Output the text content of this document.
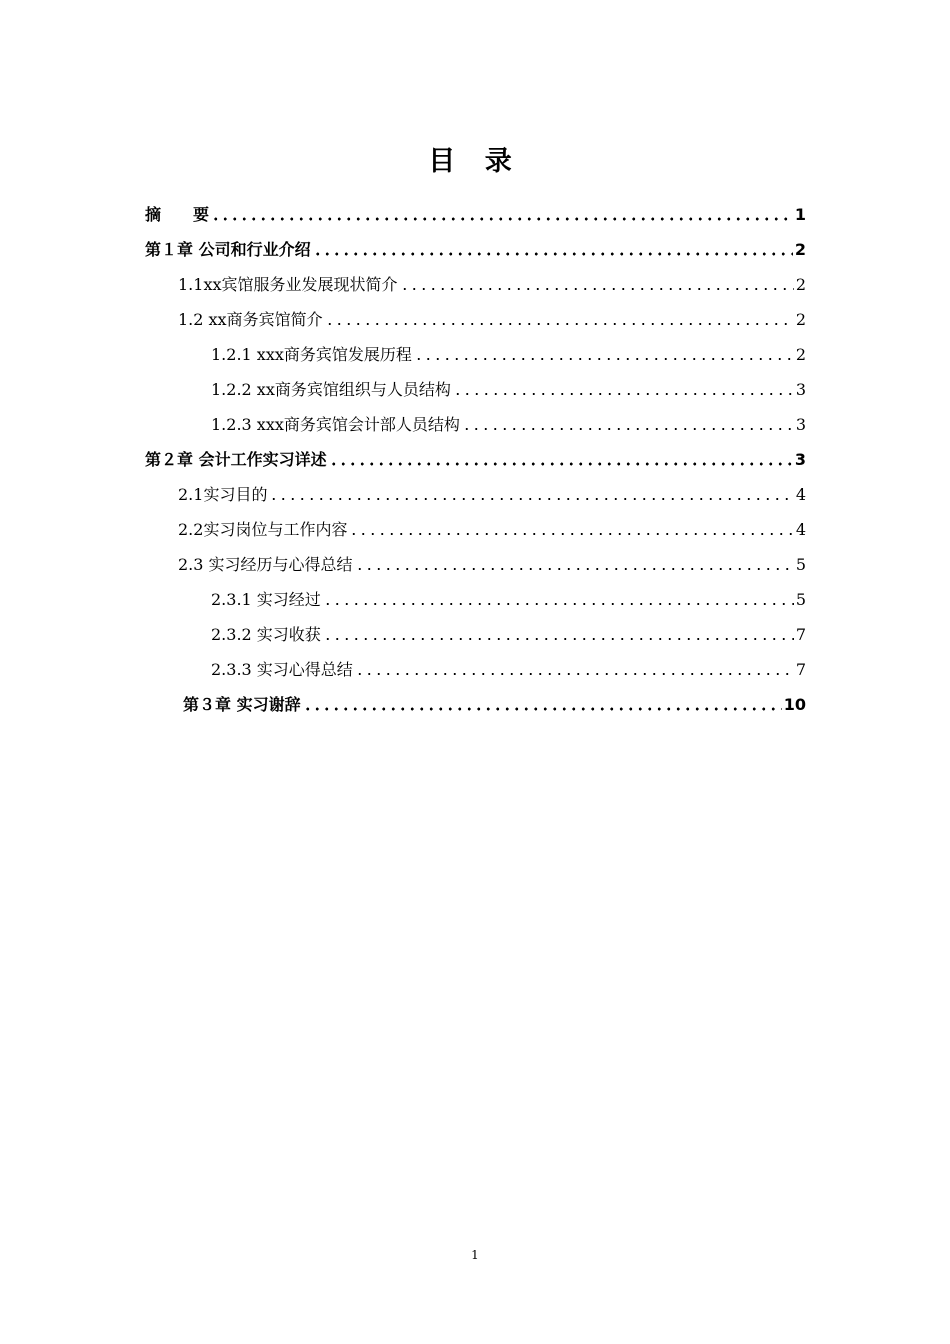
目 录
摘　　要	1
第１章 公司和行业介绍	2
1.1xx宾馆服务业发展现状简介	2
1.2 xx商务宾馆简介	2
1.2.1 xxx商务宾馆发展历程	2
1.2.2 xx商务宾馆组织与人员结构	3
1.2.3 xxx商务宾馆会计部人员结构	3
第２章 会计工作实习详述	3
2.1实习目的	4
2.2实习岗位与工作内容	4
2.3 实习经历与心得总结	5
2.3.1 实习经过	5
2.3.2 实习收获	7
2.3.3 实习心得总结	7
第３章 实习谢辞	10
1
